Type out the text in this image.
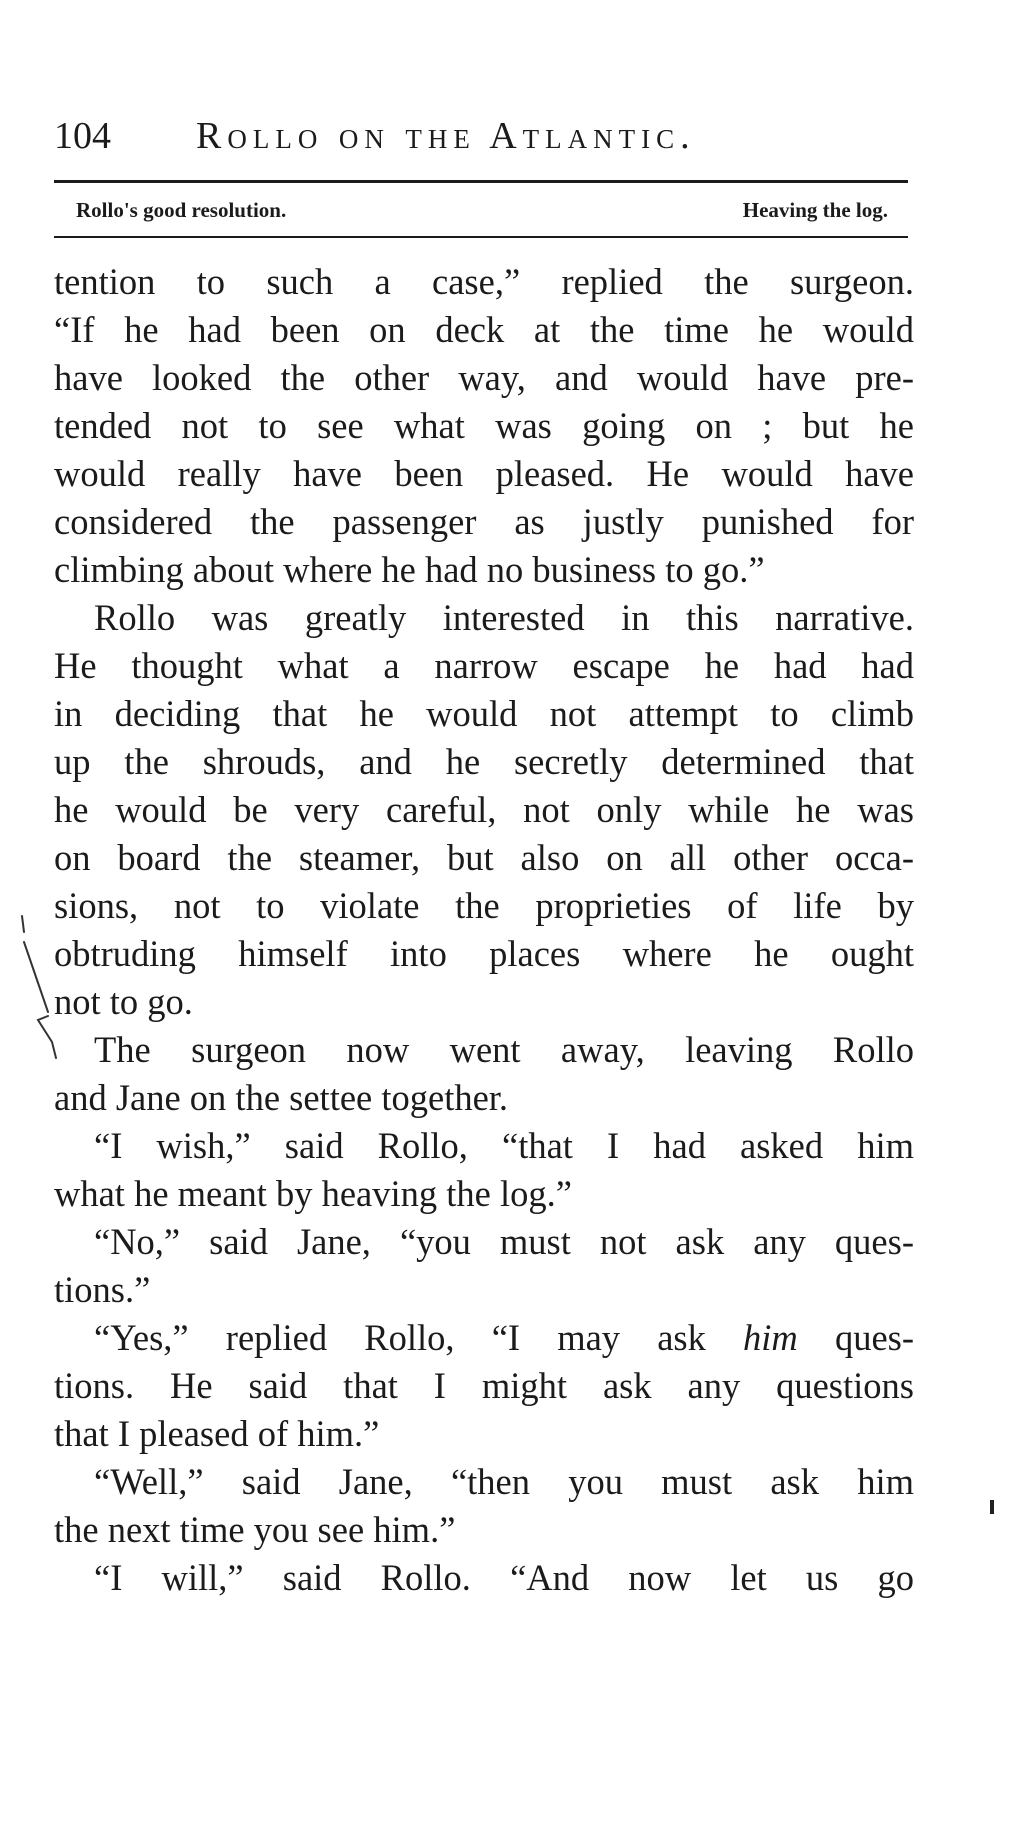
104 Rollo on the Atlantic.
Rollo's good resolution.	Heaving the log.
tention to such a case,” replied the surgeon.
“If he had been on deck at the time he would
have looked the other way, and would have pre-
tended not to see what was going on ; but he
would really have been pleased. He would have
considered the passenger as justly punished for
climbing about where he had no business to go.”
Rollo was greatly interested in this narrative.
He thought what a narrow escape he had had
in deciding that he would not attempt to climb
up the shrouds, and he secretly determined that
he would be very careful, not only while he was
on board the steamer, but also on all other occa-
sions, not to violate the proprieties of life by
obtruding himself into places where he ought
not to go.
The surgeon now went away, leaving Rollo
and Jane on the settee together.
“I wish,” said Rollo, “that I had asked him
what he meant by heaving the log.”
“No,” said Jane, “you must not ask any ques-
tions.”
“Yes,” replied Rollo, “I may ask him ques-
tions. He said that I might ask any questions
that I pleased of him.”
“Well,” said Jane, “then you must ask him
the next time you see him.”
“I will,” said Rollo. “And now let us go
